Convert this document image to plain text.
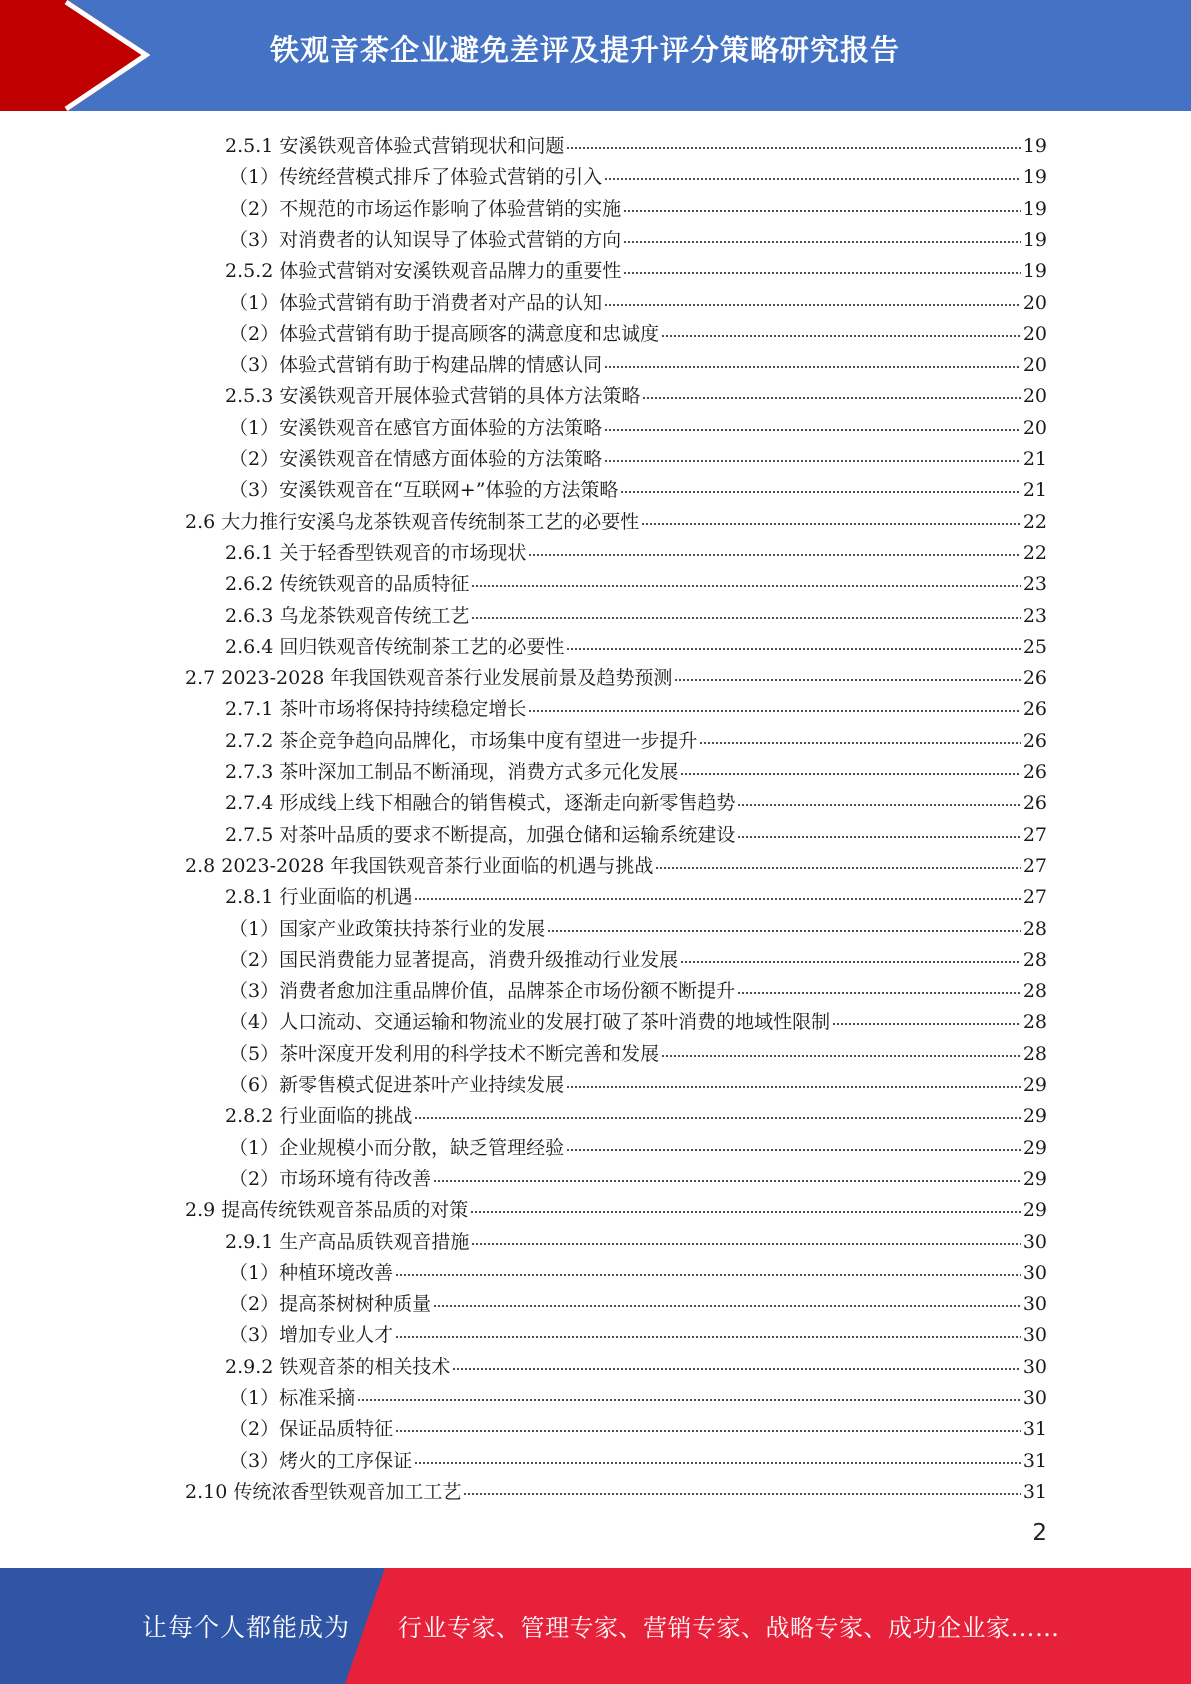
铁观音茶企业避免差评及提升评分策略研究报告
2.5.1 安溪铁观音体验式营销现状和问题	19
（1）传统经营模式排斥了体验式营销的引入	19
（2）不规范的市场运作影响了体验营销的实施	19
（3）对消费者的认知误导了体验式营销的方向	19
2.5.2 体验式营销对安溪铁观音品牌力的重要性	19
（1）体验式营销有助于消费者对产品的认知	20
（2）体验式营销有助于提高顾客的满意度和忠诚度	20
（3）体验式营销有助于构建品牌的情感认同	20
2.5.3 安溪铁观音开展体验式营销的具体方法策略	20
（1）安溪铁观音在感官方面体验的方法策略	20
（2）安溪铁观音在情感方面体验的方法策略	21
（3）安溪铁观音在“互联网+”体验的方法策略	21
2.6 大力推行安溪乌龙茶铁观音传统制茶工艺的必要性	22
2.6.1 关于轻香型铁观音的市场现状	22
2.6.2 传统铁观音的品质特征	23
2.6.3 乌龙茶铁观音传统工艺	23
2.6.4 回归铁观音传统制茶工艺的必要性	25
2.7 2023-2028 年我国铁观音茶行业发展前景及趋势预测	26
2.7.1 茶叶市场将保持持续稳定增长	26
2.7.2 茶企竞争趋向品牌化，市场集中度有望进一步提升	26
2.7.3 茶叶深加工制品不断涌现，消费方式多元化发展	26
2.7.4 形成线上线下相融合的销售模式，逐渐走向新零售趋势	26
2.7.5 对茶叶品质的要求不断提高，加强仓储和运输系统建设	27
2.8 2023-2028 年我国铁观音茶行业面临的机遇与挑战	27
2.8.1 行业面临的机遇	27
（1）国家产业政策扶持茶行业的发展	28
（2）国民消费能力显著提高，消费升级推动行业发展	28
（3）消费者愈加注重品牌价值，品牌茶企市场份额不断提升	28
（4）人口流动、交通运输和物流业的发展打破了茶叶消费的地域性限制	28
（5）茶叶深度开发利用的科学技术不断完善和发展	28
（6）新零售模式促进茶叶产业持续发展	29
2.8.2 行业面临的挑战	29
（1）企业规模小而分散，缺乏管理经验	29
（2）市场环境有待改善	29
2.9 提高传统铁观音茶品质的对策	29
2.9.1 生产高品质铁观音措施	30
（1）种植环境改善	30
（2）提高茶树树种质量	30
（3）增加专业人才	30
2.9.2 铁观音茶的相关技术	30
（1）标准采摘	30
（2）保证品质特征	31
（3）烤火的工序保证	31
2.10 传统浓香型铁观音加工工艺	31
2
让每个人都能成为 行业专家、管理专家、营销专家、战略专家、成功企业家……
